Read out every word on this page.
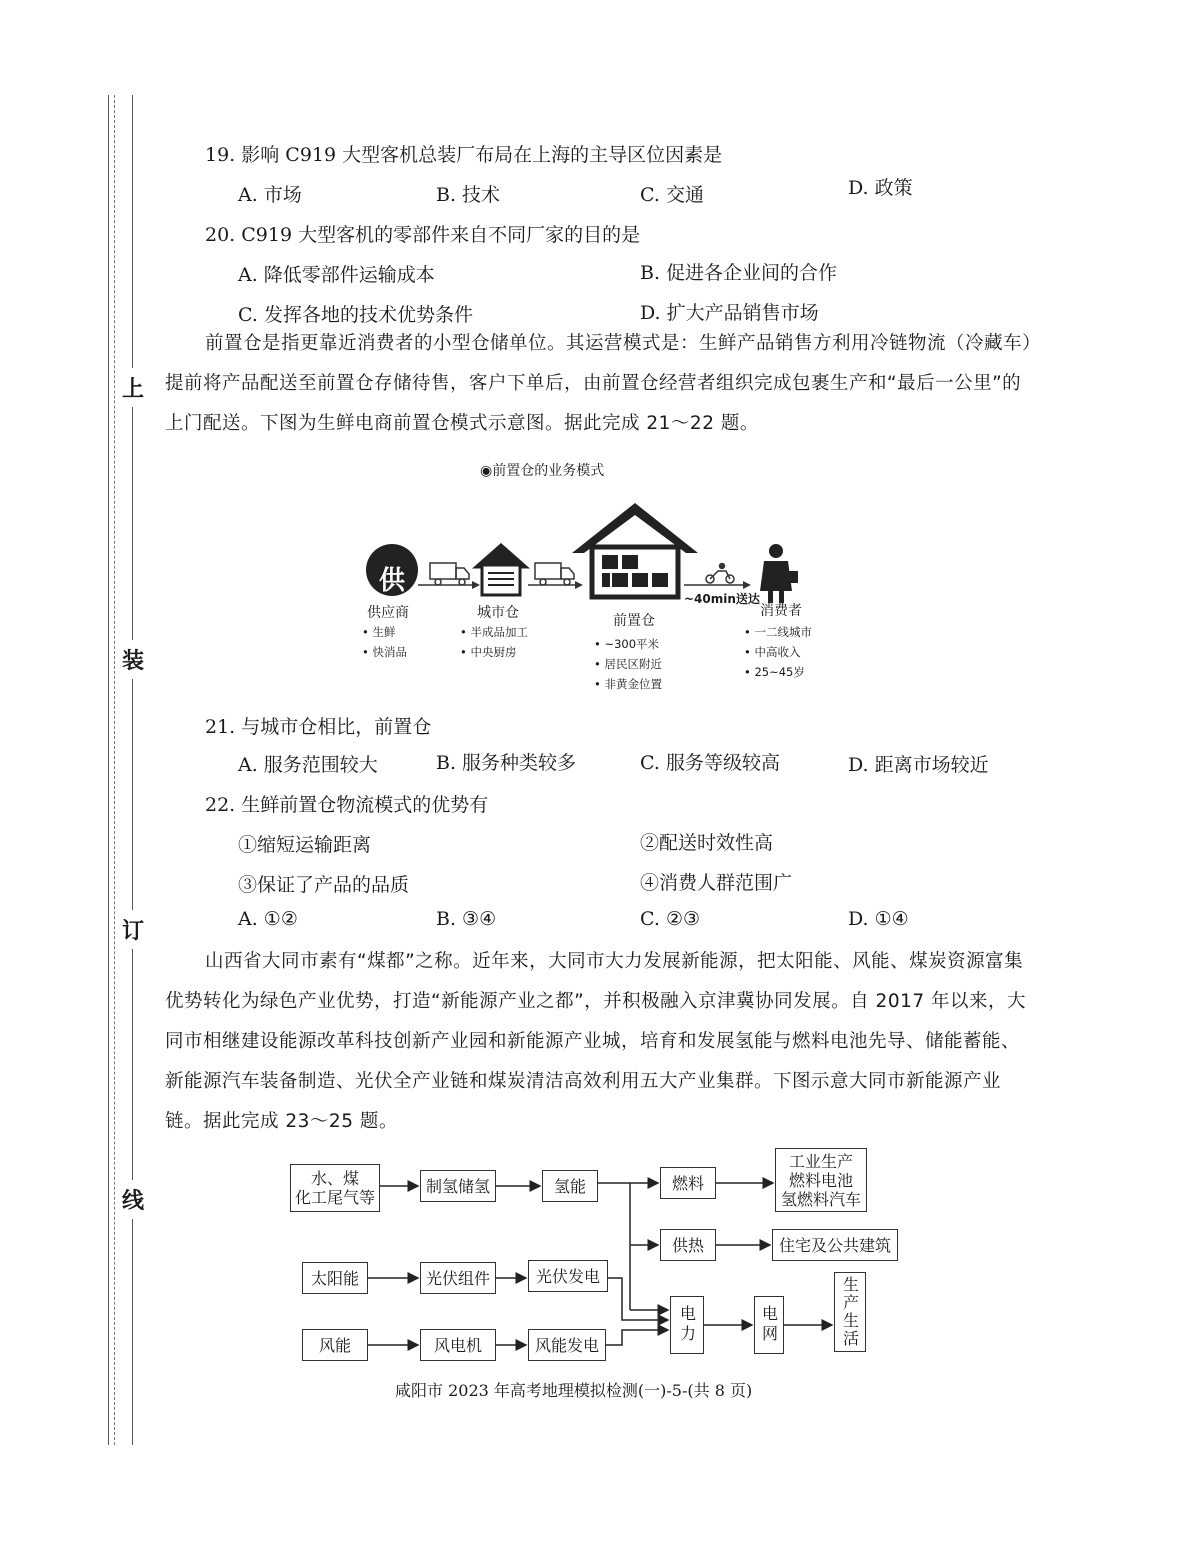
上
装
订
线
19. 影响 C919 大型客机总装厂布局在上海的主导区位因素是
A. 市场	B. 技术	C. 交通	D. 政策
20. C919 大型客机的零部件来自不同厂家的目的是
A. 降低零部件运输成本	B. 促进各企业间的合作
C. 发挥各地的技术优势条件	D. 扩大产品销售市场
前置仓是指更靠近消费者的小型仓储单位。其运营模式是：生鲜产品销售方利用冷链物流（冷藏车）提前将产品配送至前置仓存储待售，客户下单后，由前置仓经营者组织完成包裹生产和“最后一公里”的上门配送。下图为生鲜电商前置仓模式示意图。据此完成 21～22 题。
◉前置仓的业务模式
供
供应商
• 生鲜
• 快消品
城市仓
• 半成品加工
• 中央厨房
前置仓
• ~300平米
• 居民区附近
• 非黄金位置
~40min送达
消费者
• 一二线城市
• 中高收入
• 25~45岁
21. 与城市仓相比，前置仓
A. 服务范围较大	B. 服务种类较多	C. 服务等级较高	D. 距离市场较近
22. 生鲜前置仓物流模式的优势有
①缩短运输距离	②配送时效性高
③保证了产品的品质	④消费人群范围广
A. ①②	B. ③④	C. ②③	D. ①④
山西省大同市素有“煤都”之称。近年来，大同市大力发展新能源，把太阳能、风能、煤炭资源富集优势转化为绿色产业优势，打造“新能源产业之都”，并积极融入京津冀协同发展。自 2017 年以来，大同市相继建设能源改革科技创新产业园和新能源产业城，培育和发展氢能与燃料电池先导、储能蓄能、新能源汽车装备制造、光伏全产业链和煤炭清洁高效利用五大产业集群。下图示意大同市新能源产业链。据此完成 23～25 题。
水、煤
化工尾气等
制氢储氢	氢能	燃料
工业生产
燃料电池
氢燃料汽车
供热	住宅及公共建筑
太阳能	光伏组件	光伏发电
风能	风电机	风能发电	电力	电网	生产生活
咸阳市 2023 年高考地理模拟检测(一)-5-(共 8 页)
